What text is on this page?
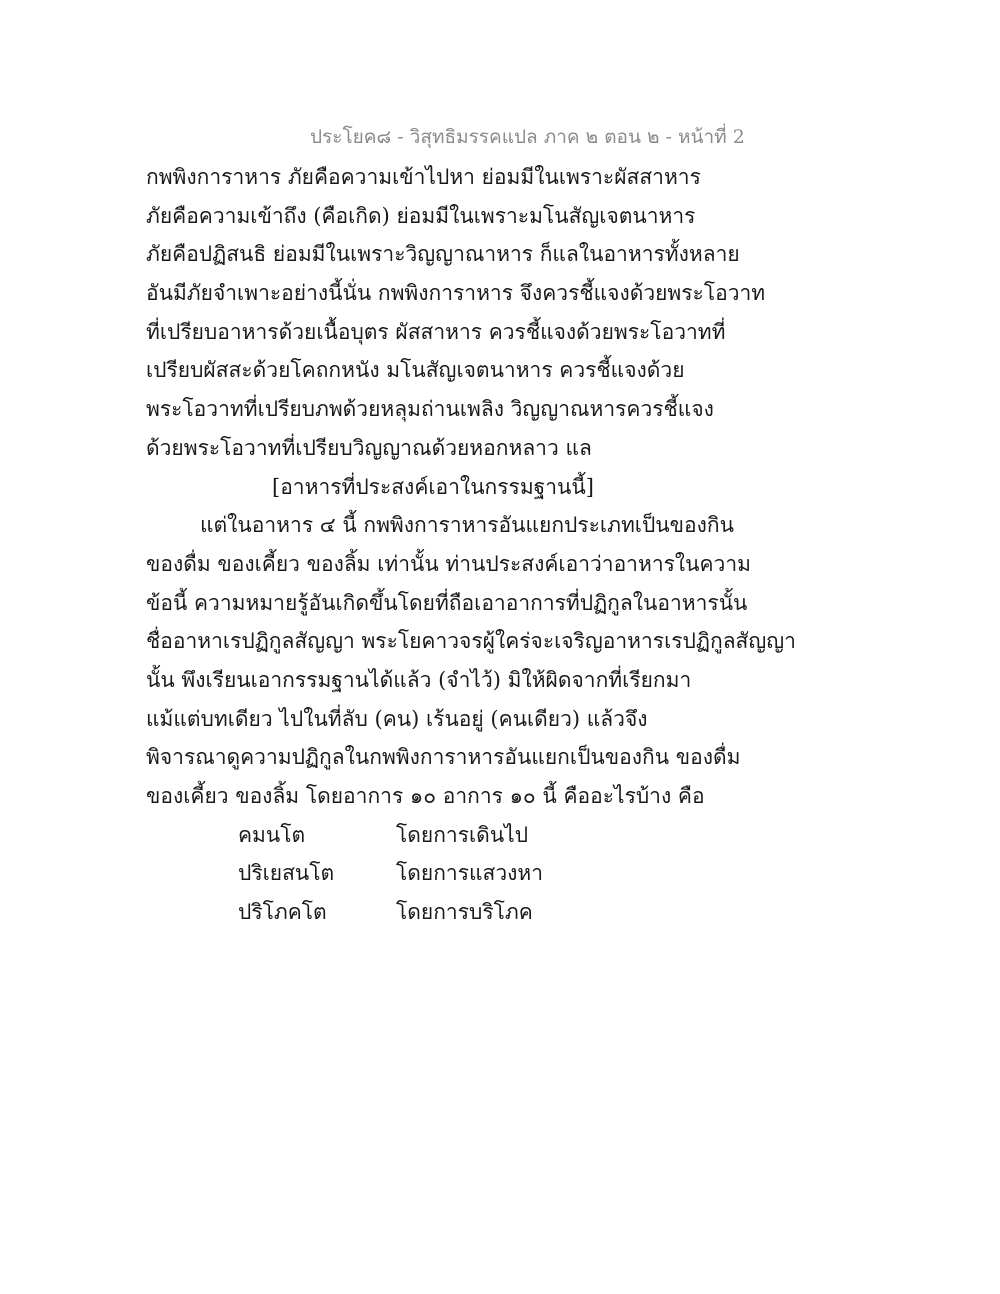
ประโยค๘ - วิสุทธิมรรคแปล ภาค ๒ ตอน ๒ - หน้าที่ 2
กพพิงการาหาร ภัยคือความเข้าไปหา ย่อมมีในเพราะผัสสาหาร
ภัยคือความเข้าถึง (คือเกิด) ย่อมมีในเพราะมโนสัญเจตนาหาร
ภัยคือปฏิสนธิ ย่อมมีในเพราะวิญญาณาหาร ก็แลในอาหารทั้งหลาย
อันมีภัยจำเพาะอย่างนี้นั่น กพพิงการาหาร จึงควรชี้แจงด้วยพระโอวาท
ที่เปรียบอาหารด้วยเนื้อบุตร ผัสสาหาร ควรชี้แจงด้วยพระโอวาทที่
เปรียบผัสสะด้วยโคถกหนัง มโนสัญเจตนาหาร ควรชี้แจงด้วย
พระโอวาทที่เปรียบภพด้วยหลุมถ่านเพลิง วิญญาณหารควรชี้แจง
ด้วยพระโอวาทที่เปรียบวิญญาณด้วยหอกหลาว แล
[อาหารที่ประสงค์เอาในกรรมฐานนี้]
แต่ในอาหาร ๔ นี้ กพพิงการาหารอันแยกประเภทเป็นของกิน
ของดื่ม ของเคี้ยว ของลิ้ม เท่านั้น ท่านประสงค์เอาว่าอาหารในความ
ข้อนี้ ความหมายรู้อันเกิดขึ้นโดยที่ถือเอาอาการที่ปฏิกูลในอาหารนั้น
ชื่ออาหาเรปฏิกูลสัญญา พระโยคาวจรผู้ใคร่จะเจริญอาหารเรปฏิกูลสัญญา
นั้น พึงเรียนเอากรรมฐานได้แล้ว (จำไว้) มิให้ผิดจากที่เรียกมา
แม้แต่บทเดียว ไปในที่ลับ (คน) เร้นอยู่ (คนเดียว) แล้วจึง
พิจารณาดูความปฏิกูลในกพพิงการาหารอันแยกเป็นของกิน ของดื่ม
ของเคี้ยว ของลิ้ม โดยอาการ ๑๐ อาการ ๑๐ นี้ คืออะไรบ้าง คือ
คมนโต	โดยการเดินไป
ปริเยสนโต	โดยการแสวงหา
ปริโภคโต	โดยการบริโภค
